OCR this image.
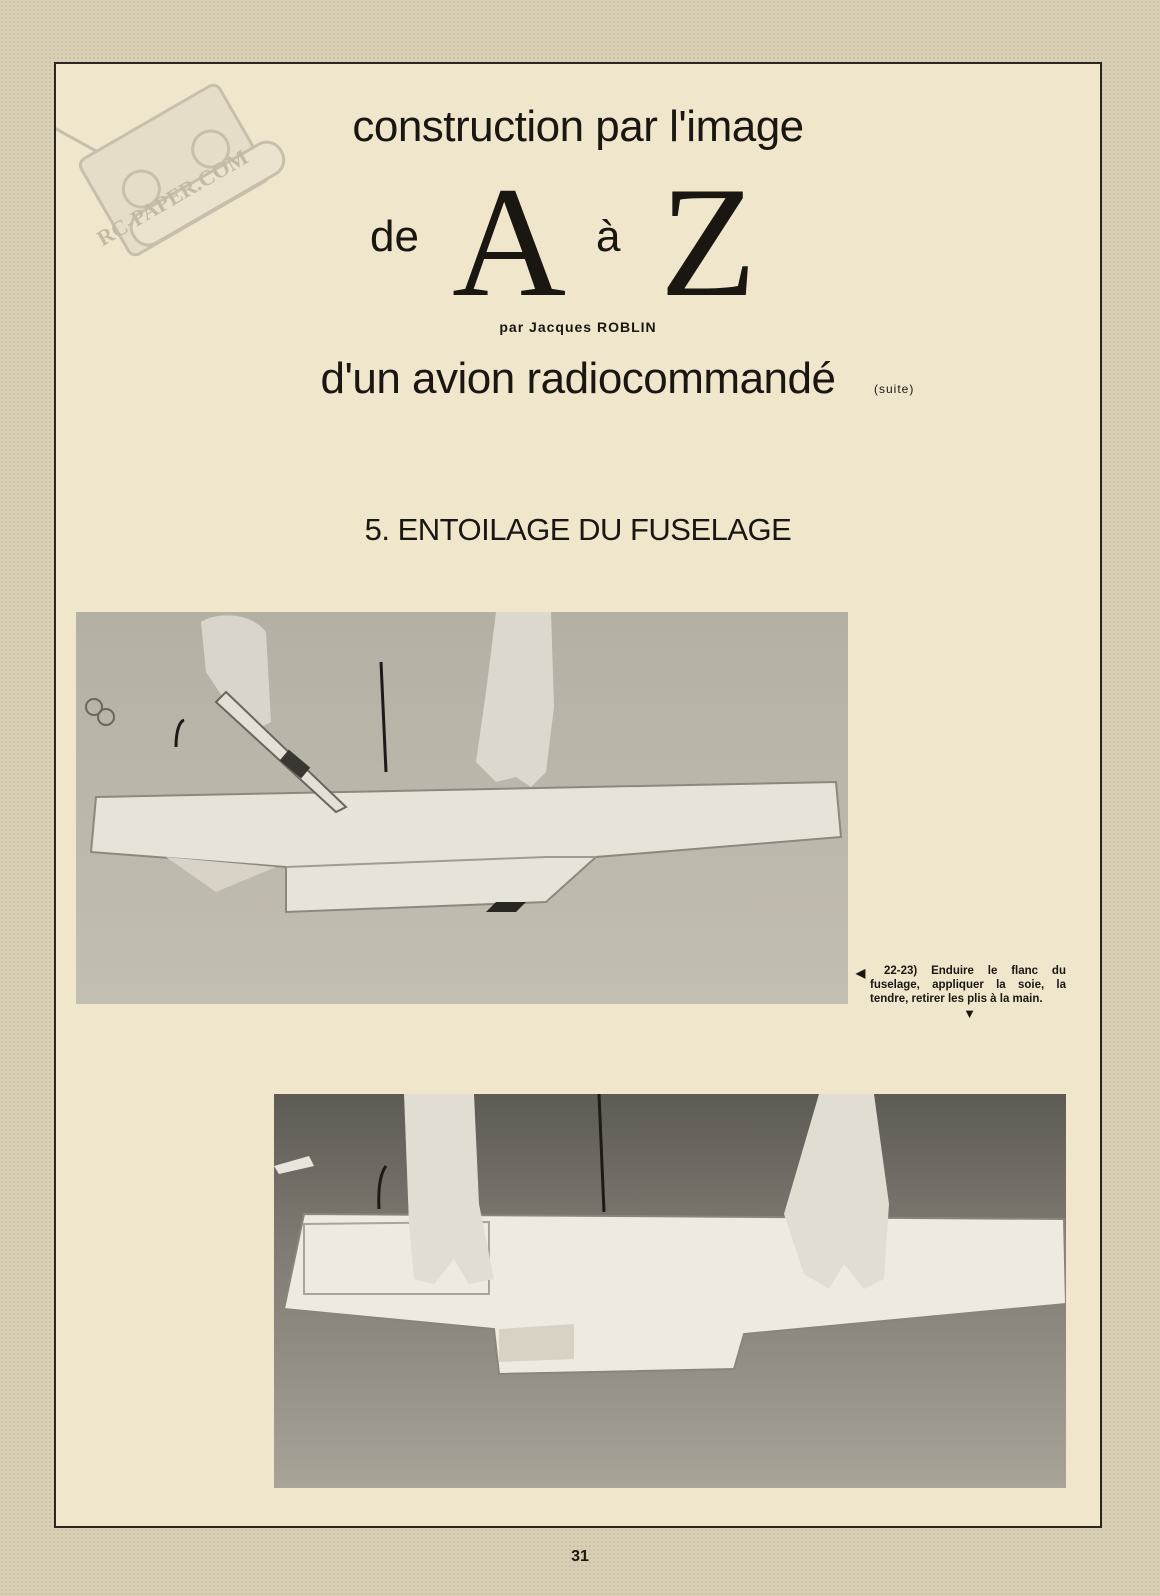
RC-PAPER.COM
construction par l'image
de A à Z
par Jacques ROBLIN
d'un avion radiocommandé	(suite)
5. ENTOILAGE DU FUSELAGE
◀	22-23) Enduire le flanc du fuselage, appliquer la soie, la tendre, retirer les plis à la main.

▼
31
